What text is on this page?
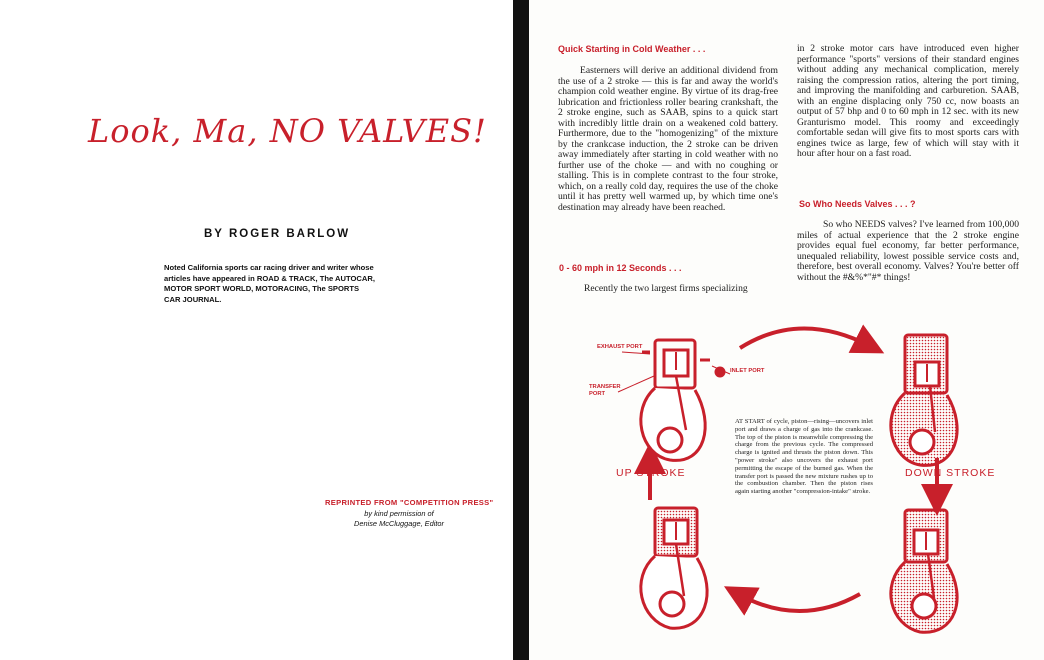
Look, Ma, NO VALVES!
BY ROGER BARLOW
Noted California sports car racing driver and writer whose articles have appeared in ROAD & TRACK, The AUTOCAR, MOTOR SPORT WORLD, MOTORACING, The SPORTS CAR JOURNAL.
REPRINTED FROM "COMPETITION PRESS"
by kind permission of
Denise McCluggage, Editor
Quick Starting in Cold Weather . . .
Easterners will derive an additional dividend from the use of a 2 stroke — this is far and away the world's champion cold weather engine. By virtue of its drag-free lubrication and frictionless roller bearing crankshaft, the 2 stroke engine, such as SAAB, spins to a quick start with incredibly little drain on a weakened cold battery. Furthermore, due to the "homogenizing" of the mixture by the crankcase induction, the 2 stroke can be driven away immediately after starting in cold weather with no further use of the choke — and with no coughing or stalling. This is in complete contrast to the four stroke, which, on a really cold day, requires the use of the choke until it has pretty well warmed up, by which time one's destination may already have been reached.
0 - 60 mph in 12 Seconds . . .
Recently the two largest firms specializing
in 2 stroke motor cars have introduced even higher performance "sports" versions of their standard engines without adding any mechanical complication, merely raising the compression ratios, altering the port timing, and improving the manifolding and carburetion. SAAB, with an engine displacing only 750 cc, now boasts an output of 57 bhp and 0 to 60 mph in 12 sec. with its new Granturismo model. This roomy and exceedingly comfortable sedan will give fits to most sports cars with engines twice as large, few of which will stay with it hour after hour on a fast road.
So Who Needs Valves . . . ?
So who NEEDS valves? I've learned from 100,000 miles of actual experience that the 2 stroke engine provides equal fuel economy, far better performance, unequaled reliability, lowest possible service costs and, therefore, best overall economy. Valves? You're better off without the #&%*"#* things!
EXHAUST PORT
INLET PORT
TRANSFER PORT
UP STROKE	DOWN STROKE
AT START of cycle, piston—rising—uncovers inlet port and draws a charge of gas into the crankcase. The top of the piston is meanwhile compressing the charge from the previous cycle. The compressed charge is ignited and thrusts the piston down. This "power stroke" also uncovers the exhaust port permitting the escape of the burned gas. When the transfer port is passed the new mixture rushes up to the combustion chamber. Then the piston rises again starting another "compression-intake" stroke.
